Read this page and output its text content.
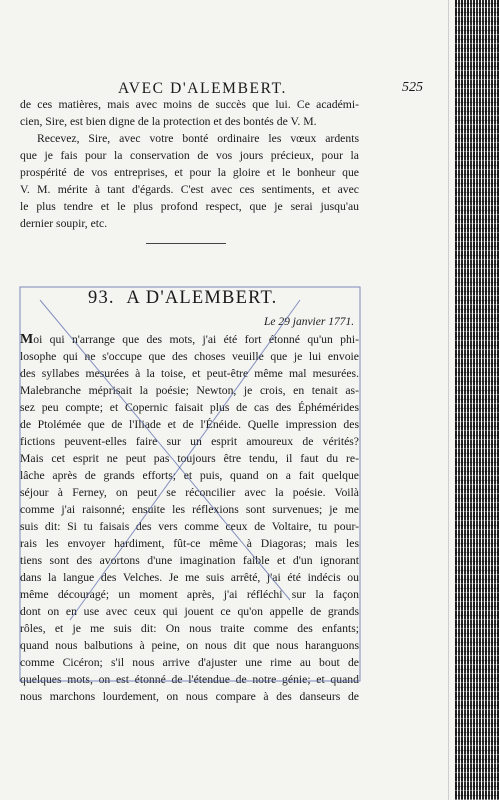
AVEC D'ALEMBERT.	525
de ces matières, mais avec moins de succès que lui. Ce académi-
cien, Sire, est bien digne de la protection et des bontés de V. M.
Recevez, Sire, avec votre bonté ordinaire les vœux ardents
que je fais pour la conservation de vos jours précieux, pour la
prospérité de vos entreprises, et pour la gloire et le bonheur que
V. M. mérite à tant d'égards. C'est avec ces sentiments, et avec
le plus tendre et le plus profond respect, que je serai jusqu'au
dernier soupir, etc.
93. A D'ALEMBERT.
Le 29 janvier 1771.
Moi qui n'arrange que des mots, j'ai été fort étonné qu'un phi-
losophe qui ne s'occupe que des choses veuille que je lui envoie
des syllabes mesurées à la toise, et peut-être même mal mesurées.
Malebranche méprisait la poésie; Newton, je crois, en tenait as-
sez peu compte; et Copernic faisait plus de cas des Éphémérides
de Ptolémée que de l'Iliade et de l'Énéide. Quelle impression des
fictions peuvent-elles faire sur un esprit amoureux de vérités?
Mais cet esprit ne peut pas toujours être tendu, il faut du re-
lâche après de grands efforts; et puis, quand on a fait quelque
séjour à Ferney, on peut se réconcilier avec la poésie. Voilà
comme j'ai raisonné; ensuite les réflexions sont survenues; je me
suis dit: Si tu faisais des vers comme ceux de Voltaire, tu pour-
rais les envoyer hardiment, fût-ce même à Diagoras; mais les
tiens sont des avortons d'une imagination faible et d'un ignorant
dans la langue des Velches. Je me suis arrêté, j'ai été indécis ou
même découragé; un moment après, j'ai réfléchi sur la façon
dont on en use avec ceux qui jouent ce qu'on appelle de grands
rôles, et je me suis dit: On nous traite comme des enfants;
quand nous balbutions à peine, on nous dit que nous haranguons
comme Cicéron; s'il nous arrive d'ajuster une rime au bout de
quelques mots, on est étonné de l'étendue de notre génie; et quand
nous marchons lourdement, on nous compare à des danseurs de
